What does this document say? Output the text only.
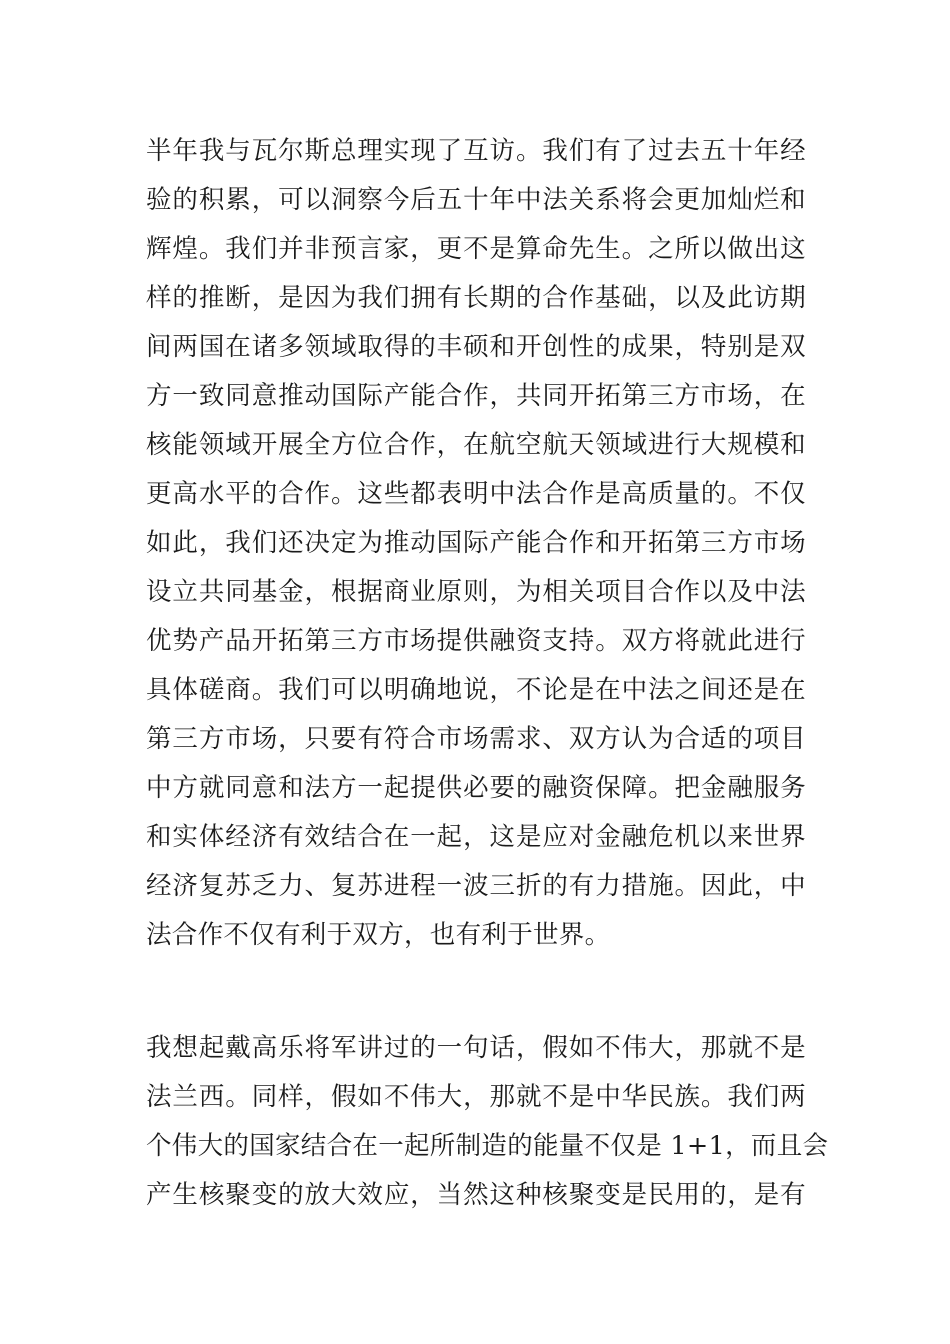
半年我与瓦尔斯总理实现了互访。我们有了过去五十年经
验的积累，可以洞察今后五十年中法关系将会更加灿烂和
辉煌。我们并非预言家，更不是算命先生。之所以做出这
样的推断，是因为我们拥有长期的合作基础，以及此访期
间两国在诸多领域取得的丰硕和开创性的成果，特别是双
方一致同意推动国际产能合作，共同开拓第三方市场，在
核能领域开展全方位合作，在航空航天领域进行大规模和
更高水平的合作。这些都表明中法合作是高质量的。不仅
如此，我们还决定为推动国际产能合作和开拓第三方市场
设立共同基金，根据商业原则，为相关项目合作以及中法
优势产品开拓第三方市场提供融资支持。双方将就此进行
具体磋商。我们可以明确地说，不论是在中法之间还是在
第三方市场，只要有符合市场需求、双方认为合适的项目
中方就同意和法方一起提供必要的融资保障。把金融服务
和实体经济有效结合在一起，这是应对金融危机以来世界
经济复苏乏力、复苏进程一波三折的有力措施。因此，中
法合作不仅有利于双方，也有利于世界。
我想起戴高乐将军讲过的一句话，假如不伟大，那就不是
法兰西。同样，假如不伟大，那就不是中华民族。我们两
个伟大的国家结合在一起所制造的能量不仅是 1+1，而且会
产生核聚变的放大效应，当然这种核聚变是民用的，是有
